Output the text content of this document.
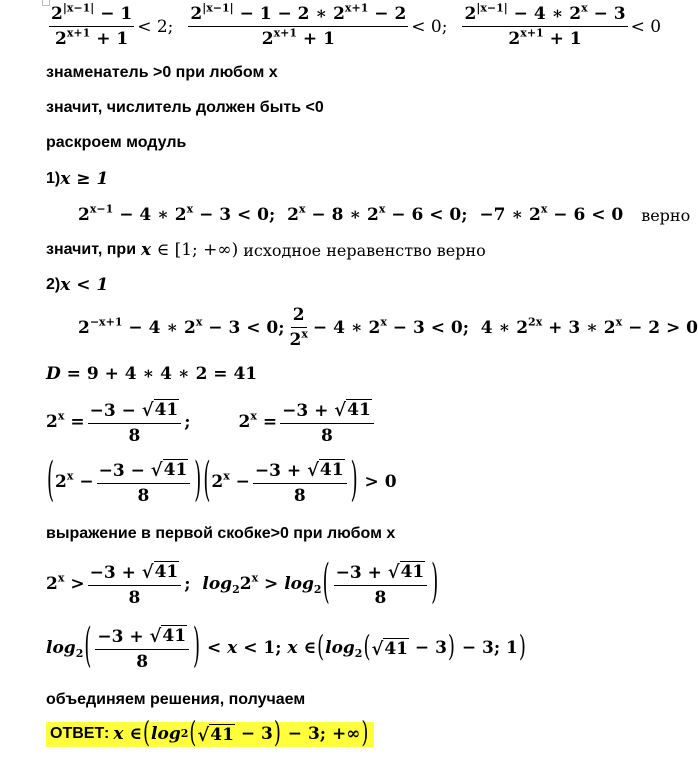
$\frac{2^{|x-1|} - 1}{2^{x+1} + 1} < 2$; $\frac{2^{|x-1|} - 1 - 2 ∗ 2^{x+1} - 2}{2^{x+1} + 1} < 0$; $\frac{2^{|x-1|} - 4 ∗ 2^x - 3}{2^{x+1} + 1} < 0$
знаменатель >0 при любом х
значит, числитель должен быть <0
раскроем модуль
1) x ≥ 1
$2^{x-1} - 4$ ∗ $2^x - 3 < 0$;  $2^x - 8$ ∗ $2^x - 6 < 0$;  −7 ∗ $2^x - 6 < 0$ верно
значит, при x ∈ [1; +∞) исходное неравенство верно
2) x < 1
$2^{-x+1} - 4$ ∗ $2^x - 3 < 0$; $\frac{2}{2^x} - 4$ ∗ $2^x - 3 < 0$;  4 ∗ $2^{2x} + 3$ ∗ $2^x - 2 > 0$
D = 9 + 4 ∗ 4 ∗ 2 = 41
$2^x = \frac{-3 - √ 41}{8}$ ;	$2^x = \frac{-3 + √ 41}{8}$
( $2^x - \frac{-3 - √ 41}{8}$ ) ( $2^x - \frac{-3 + √ 41}{8}$ ) > 0
выражение в первой скобке>0 при любом х
$2^x > \frac{-3 + √ 41}{8}$ ;  $\log_22^x > \log_2$ ( $\frac{-3 + √ 41}{8}$ )
$\log_2$ ( $\frac{-3 + √ 41}{8}$ ) < x < 1; x ∈ ( $\log_2$ ( √ 41 − 3 ) − 3; 1 )
объединяем решения, получаем
ОТВЕТ: x ∈ ( log 2 ( √ 41 − 3 ) − 3; +∞ )
